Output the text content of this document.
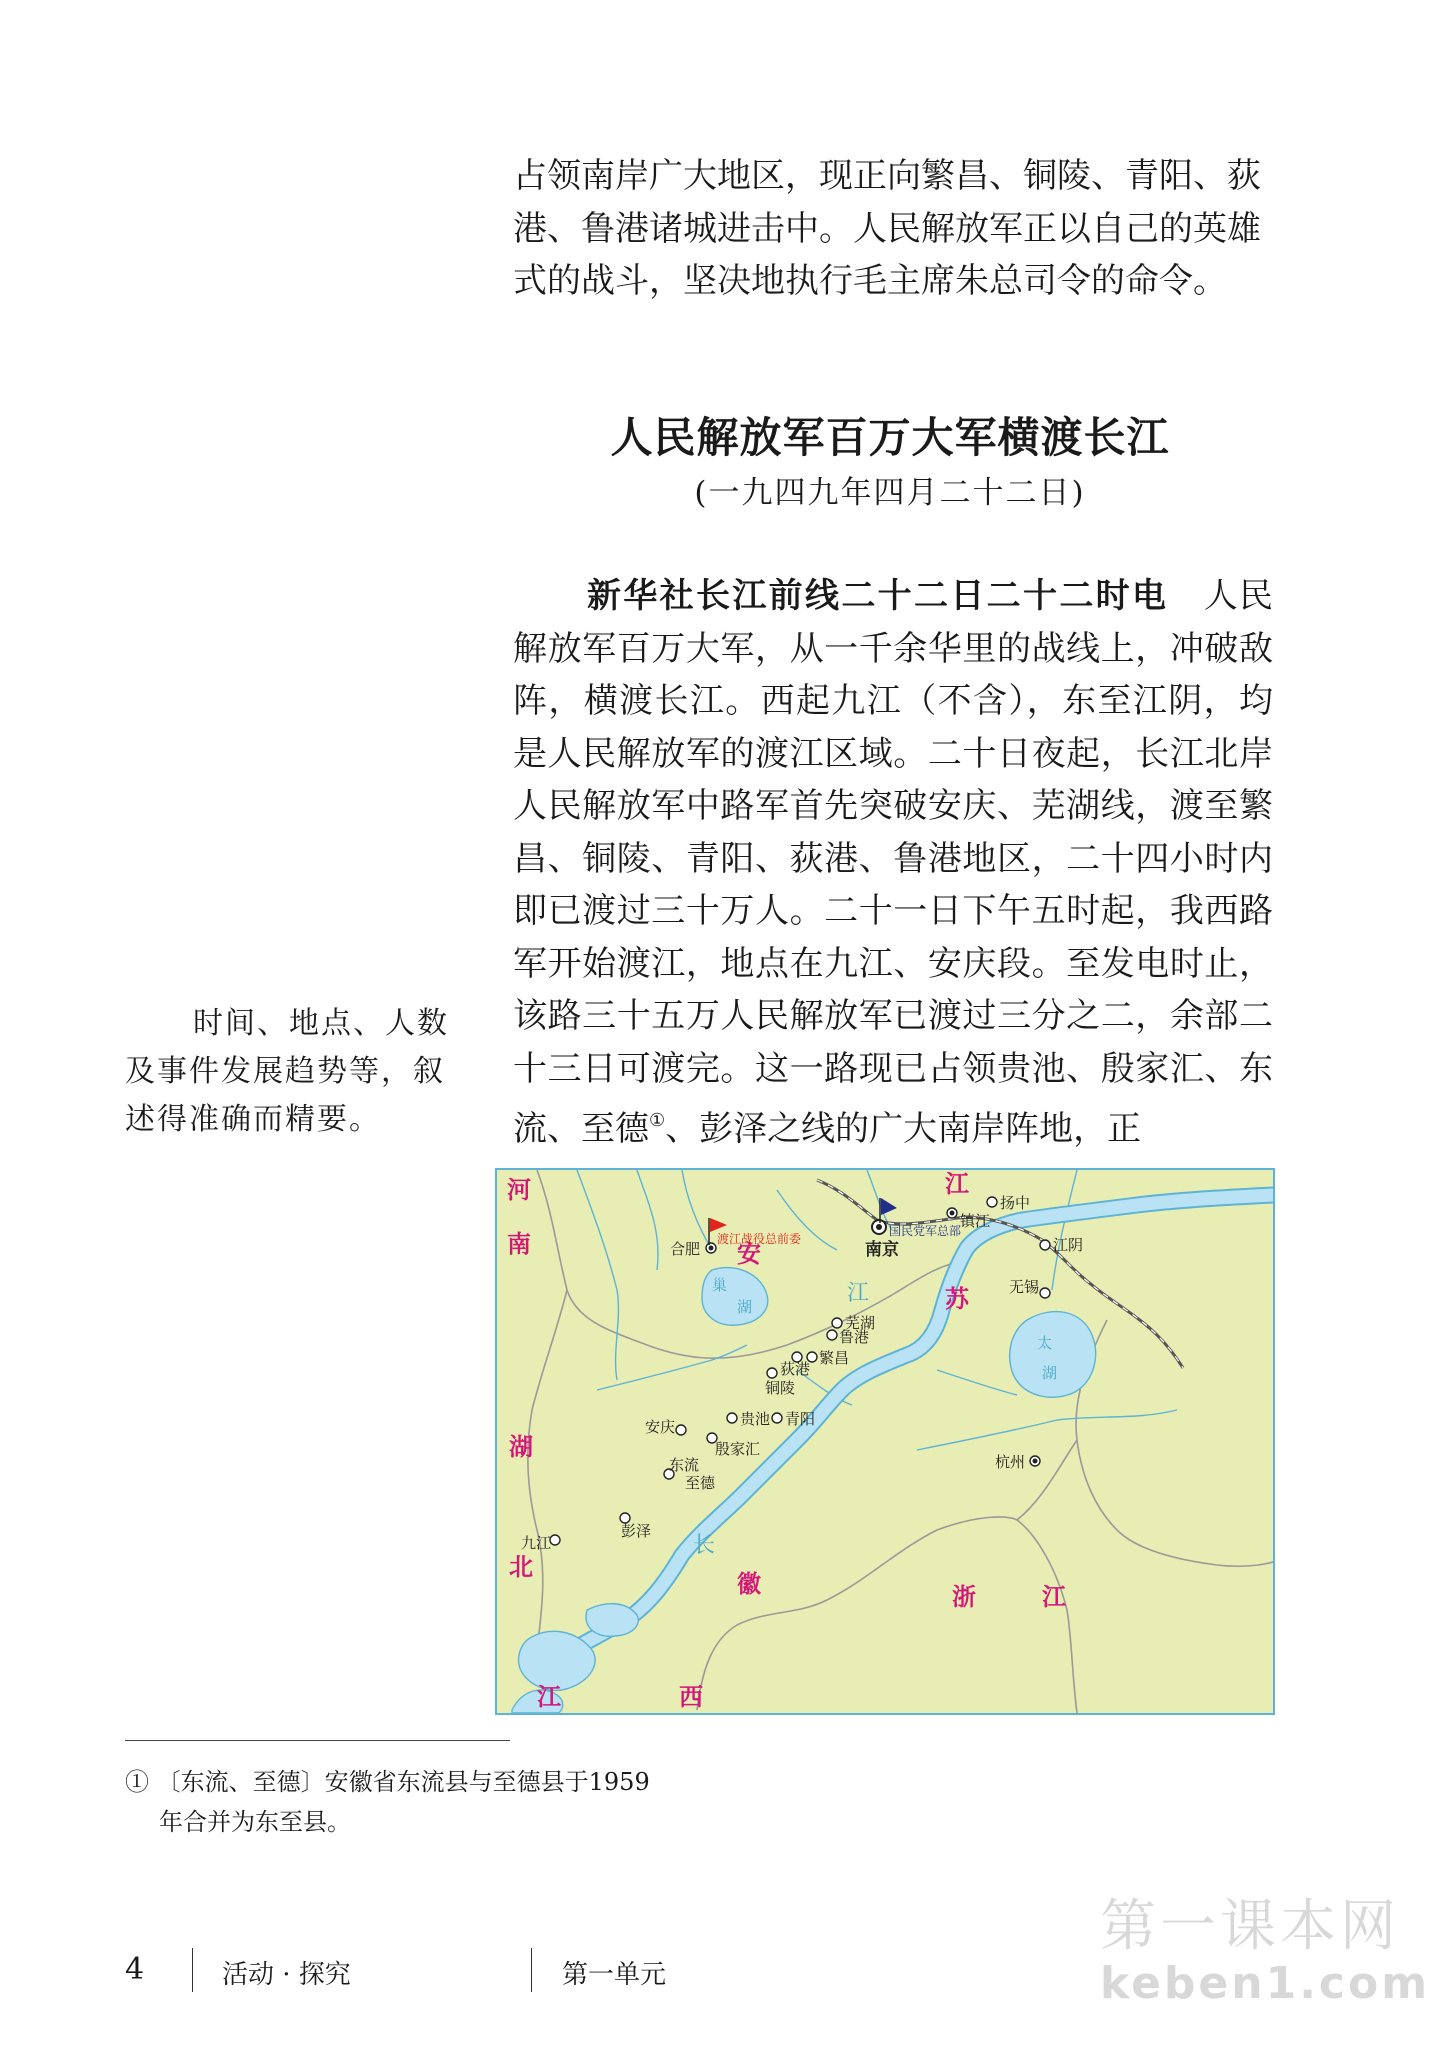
占领南岸广大地区，现正向繁昌、铜陵、青阳、荻

港、鲁港诸城进击中。人民解放军正以自己的英雄

式的战斗，坚决地执行毛主席朱总司令的命令。

人民解放军百万大军横渡长江
(一九四九年四月二十二日)
新华社长江前线二十二日二十二时电　 人民解放军百万大军，从一千余华里的战线上，冲破敌阵，横渡长江。西起九江（不含），东至江阴，均是人民解放军的渡江区域。二十日夜起，长江北岸人民解放军中路军首先突破安庆、芜湖线，渡至繁昌、铜陵、青阳、荻港、鲁港地区，二十四小时内即已渡过三十万人。二十一日下午五时起，我西路军开始渡江，地点在九江、安庆段。至发电时止，该路三十五万人民解放军已渡过三分之二，余部二十三日可渡完。这一路现已占领贵池、殷家汇、东流、至德①、彭泽之线的广大南岸阵地，正
时间、地点、人数及事件发展趋势等，叙述得准确而精要。
河
南	安
徽
湖
北
江
苏
浙	江
江	西
长
江
巢
湖
太
湖
合肥
扬中
镇江
江阴
无锡
芜湖
鲁港
繁昌
荻港
铜陵
贵池 青阳
安庆
殷家汇
东流
至德
彭泽
九江
杭州
南京
渡江战役总前委
国民党军总部
① 〔东流、至德〕安徽省东流县与至德县于1959
年合并为东至县。
4	活动 · 探究	第一单元
第一课本网
keben1.com
